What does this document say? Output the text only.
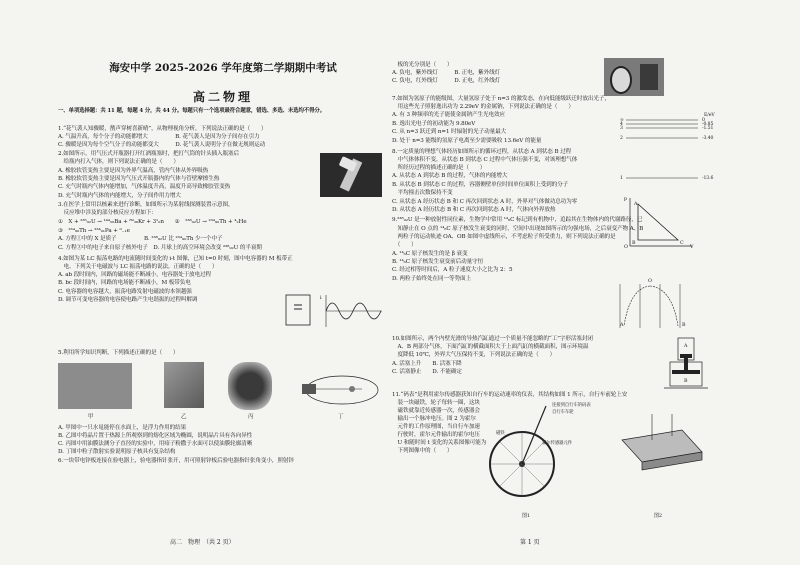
海安中学 2025-2026 学年度第二学期期中考试
高二物理
一、单项选择题：共 11 题，每题 4 分，共 44 分。每题只有一个选项最符合题意，错选、多选、未选均不得分。
1.“花气袭人知骤暖，鹊声穿树喜新晴”，从物理视角分析，下列说法正确的是（　　）
A. 气温升高，每个分子的动能都增大　　　　　B. 花气袭人是因为分子间存在引力
C. 骤暖是因为每个空气分子的动能都变大　　　D. 花气袭人说明分子在做无规则运动
2.如图所示，用气压式开瓶器打开红酒瓶塞时，把打气筒的针头插入瓶塞后
　给瓶内打入气体，则下列说法正确的是（　　）
A. 橡胶软管变热主要是因为外界气温高，管内气体从外界吸热
B. 橡胶软管变热主要是因为气压式开瓶器内的气体与管壁摩擦生热
C. 充气时瓶内气体内能增加，气体温度升高，温度升高导致橡胶管变热
D. 充气时瓶内气体的内能增大，分子间作用力增大
3.在医学上常用以核素来进行诊断，如图所示为某射线探测装置示意图，
　反应堆中涉及的部分核反应方程如下：
①　X + ²³⁵₉₂U → ¹⁴⁴₅₆Ba + ⁸⁹₃₆Kr + 3¹₀n　　②　²³⁸₉₂U → ²³⁴₉₀Th + ⁴₂He
③　²³⁴₉₀Th → ²³⁴₉₁Pa + ⁰₋₁e
A. 方程①中的 X 是质子　　　　　B. ²³⁸₉₂U 比 ²³⁴₉₀Th 少一个中子
C. 方程③中的电子来自原子核外电子　D. 月球上的高空环境会改变 ²³⁸₉₂U 的半衰期
4.如图为某 LC 振荡电路的电流随时间变化的 i-t 图像，已知 t=0 时刻，图中电容器的 M 板带正
　电。下列关于电磁波与 LC 振荡电路的说法，正确的是（　　）
A. ab 段时间内，回路的磁场能不断减小，电容器处于放电过程
B. bc 段时间内，回路的电场能不断减小，M 板带负电
C. 电容器的电容越大，振荡电路发射电磁波的本领越强
D. 调节可变电容器的电容使电路产生电谐振的过程叫解调
5.利用所学知识判断，下列描述正确的是（　　）
A. 甲图中一只水黾能停在水面上，是浮力作用的结果
B. 乙图中将晶片置于热源上所观察到的熔化区域为椭圆，说明晶片具有各向异性
C. 丙图中用油膜法测分子直径的实验中，用痱子粉撒于水面可以使油膜轮廓清晰
D. 丁图中粒子散射实验说明原子核具有复杂结构
6.一块带电锌板连接在验电器上，验电器指针张开，用可照射锌板后验电器指针张角变小，照射锌
i
甲	乙	丙	丁
　板的光分别是（　　）
A. 负电，紫外线灯　　　B. 正电，紫外线灯
C. 负电，红外线灯　　　D. 正电，红外线灯
7.如图为氢原子的能级图，大量氢原子处于 n=3 的激发态，在向低能级跃迁时放出光子，
　用这些光子照射逸出功为 2.29eV 的金属钠，下列说法正确的是（　　）
A. 有 3 种频率的光子能使金属钠产生光电效应
B. 逸出光电子的初动能为 9.80eV
C. 从 n=3 跃迁到 n=1 时辐射的光子动量最大
D. 处于 n=3 能级的氢原子电离至少需要吸收 13.6eV 的能量
8.一定质量的理想气体经历如图所示的循环过程，从状态 A 到状态 B 过程
　中气体体积不变，从状态 B 到状态 C 过程中气体压强不变，对该理想气体
　所经历过程的描述正确的是（　　）
A. 从状态 A 到状态 B 的过程，气体的内能增大
B. 从状态 B 到状态 C 的过程，容器侧壁单位时间单位面积上受到的分子
　平均撞击次数保持不变
C. 从状态 A 经历状态 B 和 C 再次回到状态 A 时，外界对气体做功总功为零
D. 从状态 A 经历状态 B 和 C 再次回到状态 A 时，气体向外界放热
9.²³⁸₉₂U 是一种放射性同位素，生物学中常用 ¹⁴₆C 标记到有机物中，追踪其在生物体内的代谢路径，已
　知静止在 O 点的 ¹⁴₆C 原子核发生衰变的同时，空间中出现如图所示的匀强电场，之后衰变产物 A、B
　两粒子的运动轨迹 OA、OB 如图中虚线所示，不考虑粒子所受重力，则下列说法正确的是
　（　　）
A. ¹⁴₆C 原子核发生的是 β 衰变
B. ¹⁴₆C 原子核发生衰变前后动量守恒
C. 经过相等时间后，A 粒子速度大小之比为 2：5
D. 两粒子始终处在同一等势面上
10.如图所示，两个内壁光滑的导热汽缸通过一个质量不能忽略的“工”字形活塞封闭
　A、B 两部分气体，下面汽缸的横截面积大于上面汽缸的横截面积，图示环境温
　度降低 10℃，外界大气压保持不变，下列说法正确的是（　　）
A. 活塞上升　　B. 活塞下降
C. 活塞静止　　D. 不能确定
11.“码表”是利用霍尔传感器获知自行车的运动速率的仪表，其结构如图 1 所示，自行车前轮上安
　装一块磁铁，轮子每转一圈，这块
　磁铁就靠近传感器一次，传感器会
　输出一个脉冲电压。图 2 为霍尔
　元件的工作原理图，当自行车加速
　行驶时，霍尔元件输出的霍尔电压
　U 和随时间 t 变化的关系图像可能为
　下列图像中的（　　）
E/eV
0
-0.85
-1.51
-3.40
-13.6
∞
4
3
2
1
p
V
O
A
B	C
O
A	B
A
B
连接到自行车的码表
自行车车轮
磁铁
霍尔传感器元件
图1	图2
高二　物理　（共 2 页）	第 1 页
